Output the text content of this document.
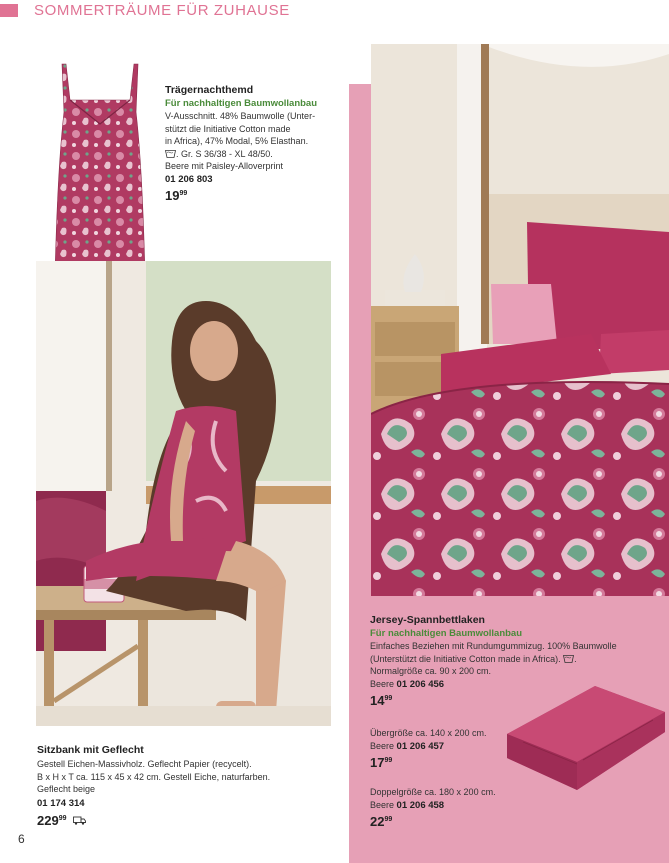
SOMMERTRÄUME FÜR ZUHAUSE
Trägernachthemd
Für nachhaltigen Baumwollanbau
V-Ausschnitt. 48% Baumwolle (Unter-
stützt die Initiative Cotton made
in Africa), 47% Modal, 5% Elasthan.
. Gr. S 36/38 - XL 48/50.
Beere mit Paisley-Alloverprint
01 206 803
$19^{99}$
Sitzbank mit Geflecht
Gestell Eichen-Massivholz. Geflecht Papier (recycelt).
B x H x T ca. 115 x 45 x 42 cm. Gestell Eiche, naturfarben.
Geflecht beige
01 174 314
$229^{99}$
Jersey-Spannbettlaken
Für nachhaltigen Baumwollanbau
Einfaches Beziehen mit Rundumgummizug. 100% Baumwolle
(Unterstützt die Initiative Cotton made in Africa). .
Normalgröße ca. 90 x 200 cm.
Beere 01 206 456
$14^{99}$
Übergröße ca. 140 x 200 cm.
Beere 01 206 457
$17^{99}$
Doppelgröße ca. 180 x 200 cm.
Beere 01 206 458
$22^{99}$
6
